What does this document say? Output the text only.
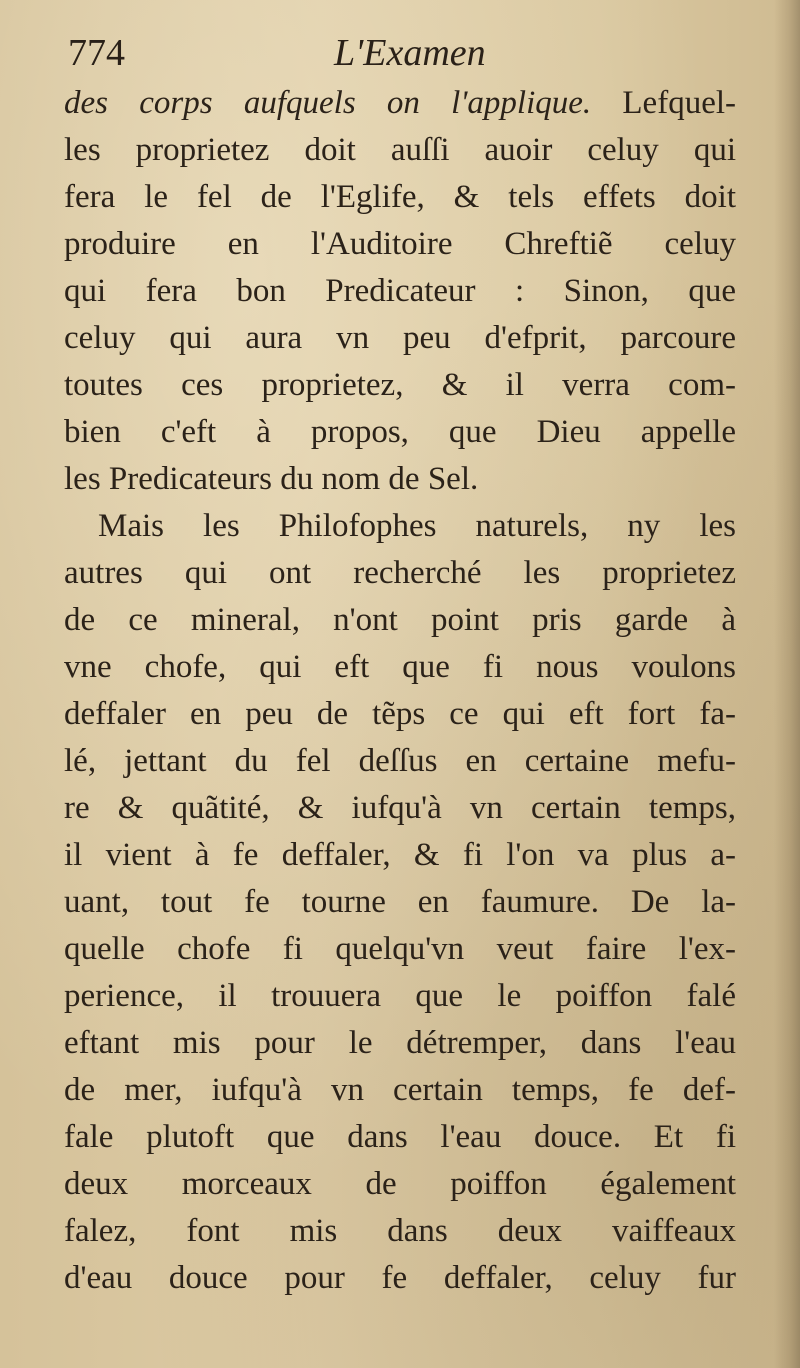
774	L'Examen
des corps aufquels on l'applique. Lefquel-
les proprietez doit auſſi auoir celuy qui
fera le fel de l'Eglife, & tels effets doit
produire en l'Auditoire Chreftiẽ celuy
qui fera bon Predicateur : Sinon, que
celuy qui aura vn peu d'efprit, parcoure
toutes ces proprietez, & il verra com-
bien c'eft à propos, que Dieu appelle
les Predicateurs du nom de Sel.
Mais les Philofophes naturels, ny les
autres qui ont recherché les proprietez
de ce mineral, n'ont point pris garde à
vne chofe, qui eft que fi nous voulons
deffaler en peu de tẽps ce qui eft fort fa-
lé, jettant du fel deſſus en certaine mefu-
re & quãtité, & iufqu'à vn certain temps,
il vient à fe deffaler, & fi l'on va plus a-
uant, tout fe tourne en faumure. De la-
quelle chofe fi quelqu'vn veut faire l'ex-
perience, il trouuera que le poiffon falé
eftant mis pour le détremper, dans l'eau
de mer, iufqu'à vn certain temps, fe def-
fale plutoft que dans l'eau douce. Et fi
deux morceaux de poiffon également
falez, font mis dans deux vaiffeaux
d'eau douce pour fe deffaler, celuy fur
